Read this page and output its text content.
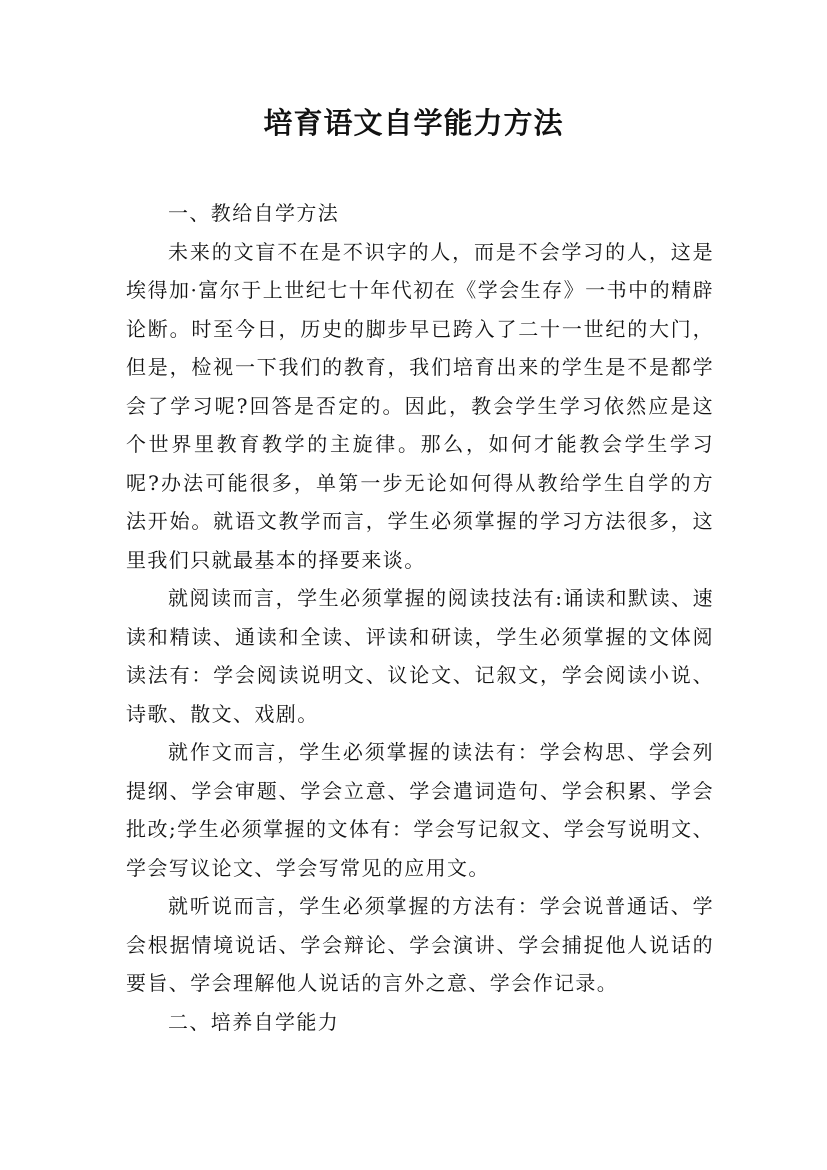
培育语文自学能力方法

一、教给自学方法

未来的文盲不在是不识字的人，而是不会学习的人，这是埃得加·富尔于上世纪七十年代初在《学会生存》一书中的精辟论断。时至今日，历史的脚步早已跨入了二十一世纪的大门，但是，检视一下我们的教育，我们培育出来的学生是不是都学会了学习呢?回答是否定的。因此，教会学生学习依然应是这个世界里教育教学的主旋律。那么，如何才能教会学生学习呢?办法可能很多，单第一步无论如何得从教给学生自学的方法开始。就语文教学而言，学生必须掌握的学习方法很多，这里我们只就最基本的择要来谈。

就阅读而言，学生必须掌握的阅读技法有:诵读和默读、速读和精读、通读和全读、评读和研读，学生必须掌握的文体阅读法有：学会阅读说明文、议论文、记叙文，学会阅读小说、诗歌、散文、戏剧。

就作文而言，学生必须掌握的读法有：学会构思、学会列提纲、学会审题、学会立意、学会遣词造句、学会积累、学会批改;学生必须掌握的文体有：学会写记叙文、学会写说明文、学会写议论文、学会写常见的应用文。

就听说而言，学生必须掌握的方法有：学会说普通话、学会根据情境说话、学会辩论、学会演讲、学会捕捉他人说话的要旨、学会理解他人说话的言外之意、学会作记录。

二、培养自学能力
